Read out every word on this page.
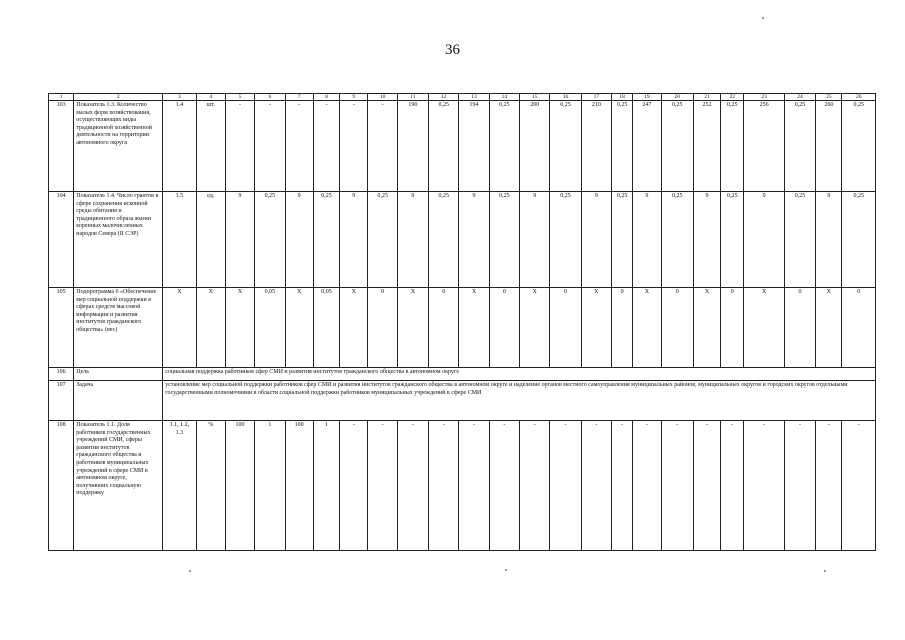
36
1	2	3	4	5	6	7	8	9	10	11	12	13	14	15	16	17	18	19	20	21	22	23	24	25	26
103	Показатель 1.3. Количество малых форм хозяйствования, осуществляющих виды традиционной хозяйственной деятельности на территории автономного округа	1.4	шт.	-	-	-	-	-	-	190	0,25	194	0,25	200	0,25	210	0,25	247	0,25	252	0,25	256	0,25	260	0,25
104	Показатель 1.4. Число грантов в сфере сохранения исконной среды обитания и традиционного образа жизни коренных малочисленных народов Севера (II СЭР)	1.5	ед.	9	0,25	9	0,25	9	0,25	9	0,25	9	0,25	9	0,25	9	0,25	9	0,25	9	0,25	9	0,25	9	0,25
105	Подпрограмма 6 «Обеспечение мер социальной поддержки в сферах средств массовой информации и развития институтов гражданского общества» (вес)	X	X	X	0,05	X	0,05	X	0	X	0	X	0	X	0	X	0	X	0	X	0	X	0	X	0
106	Цель	социальная поддержка работников сфер СМИ и развития институтов гражданского общества в автономном округе																							
107	Задача	установление мер социальной поддержки работников сфер СМИ и развития институтов гражданского общества в автономном округе и наделение органов местного самоуправления муниципальных районов, муниципальных округов и городских округов отдельными государственными полномочиями в области социальной поддержки работников муниципальных учреждений в сфере СМИ																							
108	Показатель 1.1. Доля работников государственных учреждений СМИ, сферы развития институтов гражданского общества и работников муниципальных учреждений в сфере СМИ в автономном округе, получивших социальную поддержку	1.1, 1.2, 1.3	%	100	1	100	1	-	-	-	-	-	-	-	-	-	-	-	-	-	-	-	-	-	-
